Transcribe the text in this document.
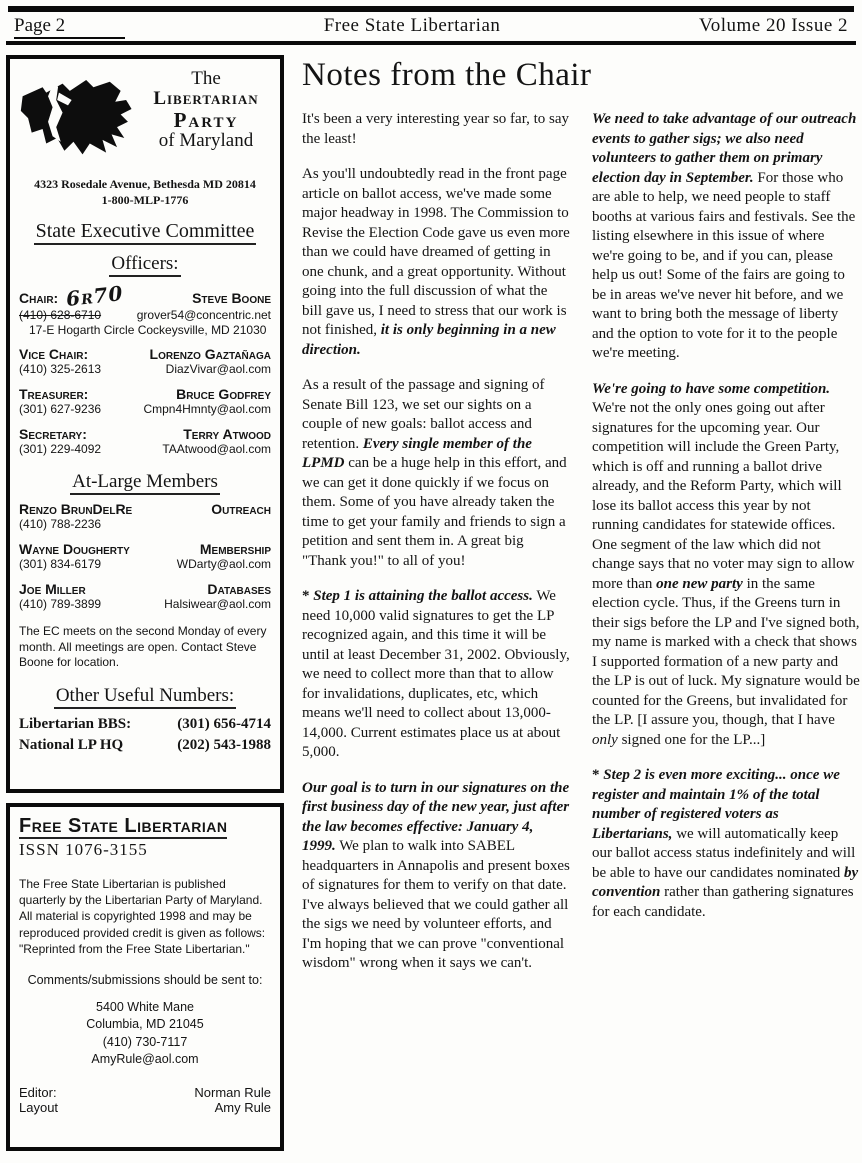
Page 2	Free State Libertarian	Volume 20 Issue 2
The
Libertarian
Party
of Maryland
4323 Rosedale Avenue, Bethesda MD 20814
1-800-MLP-1776
State Executive Committee
Officers:
Chair: 6r70	Steve Boone
(410) 628-6710	grover54@concentric.net
17-E Hogarth Circle Cockeysville, MD 21030
Vice Chair:	Lorenzo Gaztañaga
(410) 325-2613	DiazVivar@aol.com
Treasurer:	Bruce Godfrey
(301) 627-9236	Cmpn4Hmnty@aol.com
Secretary:	Terry Atwood
(301) 229-4092	TAAtwood@aol.com
At-Large Members
Renzo BrunDelRe	Outreach
(410) 788-2236
Wayne Dougherty	Membership
(301) 834-6179	WDarty@aol.com
Joe Miller	Databases
(410) 789-3899	Halsiwear@aol.com
The EC meets on the second Monday of every month. All meetings are open. Contact Steve Boone for location.
Other Useful Numbers:
Libertarian BBS:	(301) 656-4714
National LP HQ	(202) 543-1988
Free State Libertarian
ISSN 1076-3155
The Free State Libertarian is published quarterly by the Libertarian Party of Maryland. All material is copyrighted 1998 and may be reproduced provided credit is given as follows: "Reprinted from the Free State Libertarian."
Comments/submissions should be sent to:
5400 White Mane
Columbia, MD 21045
(410) 730-7117
AmyRule@aol.com
Editor:	Norman Rule
Layout	Amy Rule
Notes from the Chair

It's been a very interesting year so far, to say the least!

As you'll undoubtedly read in the front page article on ballot access, we've made some major headway in 1998. The Commission to Revise the Election Code gave us even more than we could have dreamed of getting in one chunk, and a great opportunity. Without going into the full discussion of what the bill gave us, I need to stress that our work is not finished, it is only beginning in a new direction.

As a result of the passage and signing of Senate Bill 123, we set our sights on a couple of new goals: ballot access and retention. Every single member of the LPMD can be a huge help in this effort, and we can get it done quickly if we focus on them. Some of you have already taken the time to get your family and friends to sign a petition and sent them in. A great big "Thank you!" to all of you!

* Step 1 is attaining the ballot access. We need 10,000 valid signatures to get the LP recognized again, and this time it will be until at least December 31, 2002. Obviously, we need to collect more than that to allow for invalidations, duplicates, etc, which means we'll need to collect about 13,000-14,000. Current estimates place us at about 5,000.

Our goal is to turn in our signatures on the first business day of the new year, just after the law becomes effective: January 4, 1999. We plan to walk into SABEL headquarters in Annapolis and present boxes of signatures for them to verify on that date. I've always believed that we could gather all the sigs we need by volunteer efforts, and I'm hoping that we can prove "conventional wisdom" wrong when it says we can't.

We need to take advantage of our outreach events to gather sigs; we also need volunteers to gather them on primary election day in September. For those who are able to help, we need people to staff booths at various fairs and festivals. See the listing elsewhere in this issue of where we're going to be, and if you can, please help us out! Some of the fairs are going to be in areas we've never hit before, and we want to bring both the message of liberty and the option to vote for it to the people we're meeting.

We're going to have some competition. We're not the only ones going out after signatures for the upcoming year. Our competition will include the Green Party, which is off and running a ballot drive already, and the Reform Party, which will lose its ballot access this year by not running candidates for statewide offices. One segment of the law which did not change says that no voter may sign to allow more than one new party in the same election cycle. Thus, if the Greens turn in their sigs before the LP and I've signed both, my name is marked with a check that shows I supported formation of a new party and the LP is out of luck. My signature would be counted for the Greens, but invalidated for the LP. [I assure you, though, that I have only signed one for the LP...]

* Step 2 is even more exciting... once we register and maintain 1% of the total number of registered voters as Libertarians, we will automatically keep our ballot access status indefinitely and will be able to have our candidates nominated by convention rather than gathering signatures for each candidate.
